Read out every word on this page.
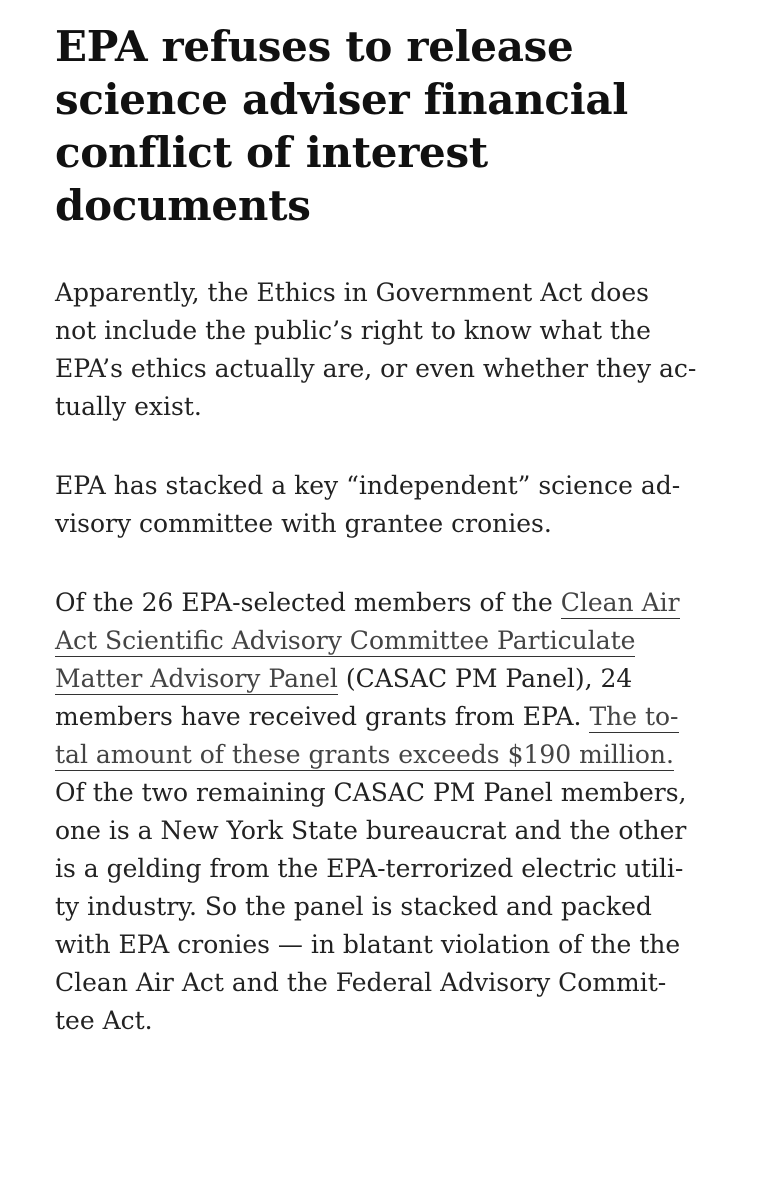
EPA refuses to release
science adviser financial
conflict of interest
documents

Apparently, the Ethics in Government Act does
not include the public’s right to know what the
EPA’s ethics actually are, or even whether they ac-
tually exist.

EPA has stacked a key “independent” science ad-
visory committee with grantee cronies.

Of the 26 EPA-selected members of the Clean Air
Act Scientific Advisory Committee Particulate
Matter Advisory Panel (CASAC PM Panel), 24
members have received grants from EPA. The to-
tal amount of these grants exceeds $190 million.
Of the two remaining CASAC PM Panel members,
one is a New York State bureaucrat and the other
is a gelding from the EPA-terrorized electric utili-
ty industry. So the panel is stacked and packed
with EPA cronies — in blatant violation of the the
Clean Air Act and the Federal Advisory Commit-
tee Act.
